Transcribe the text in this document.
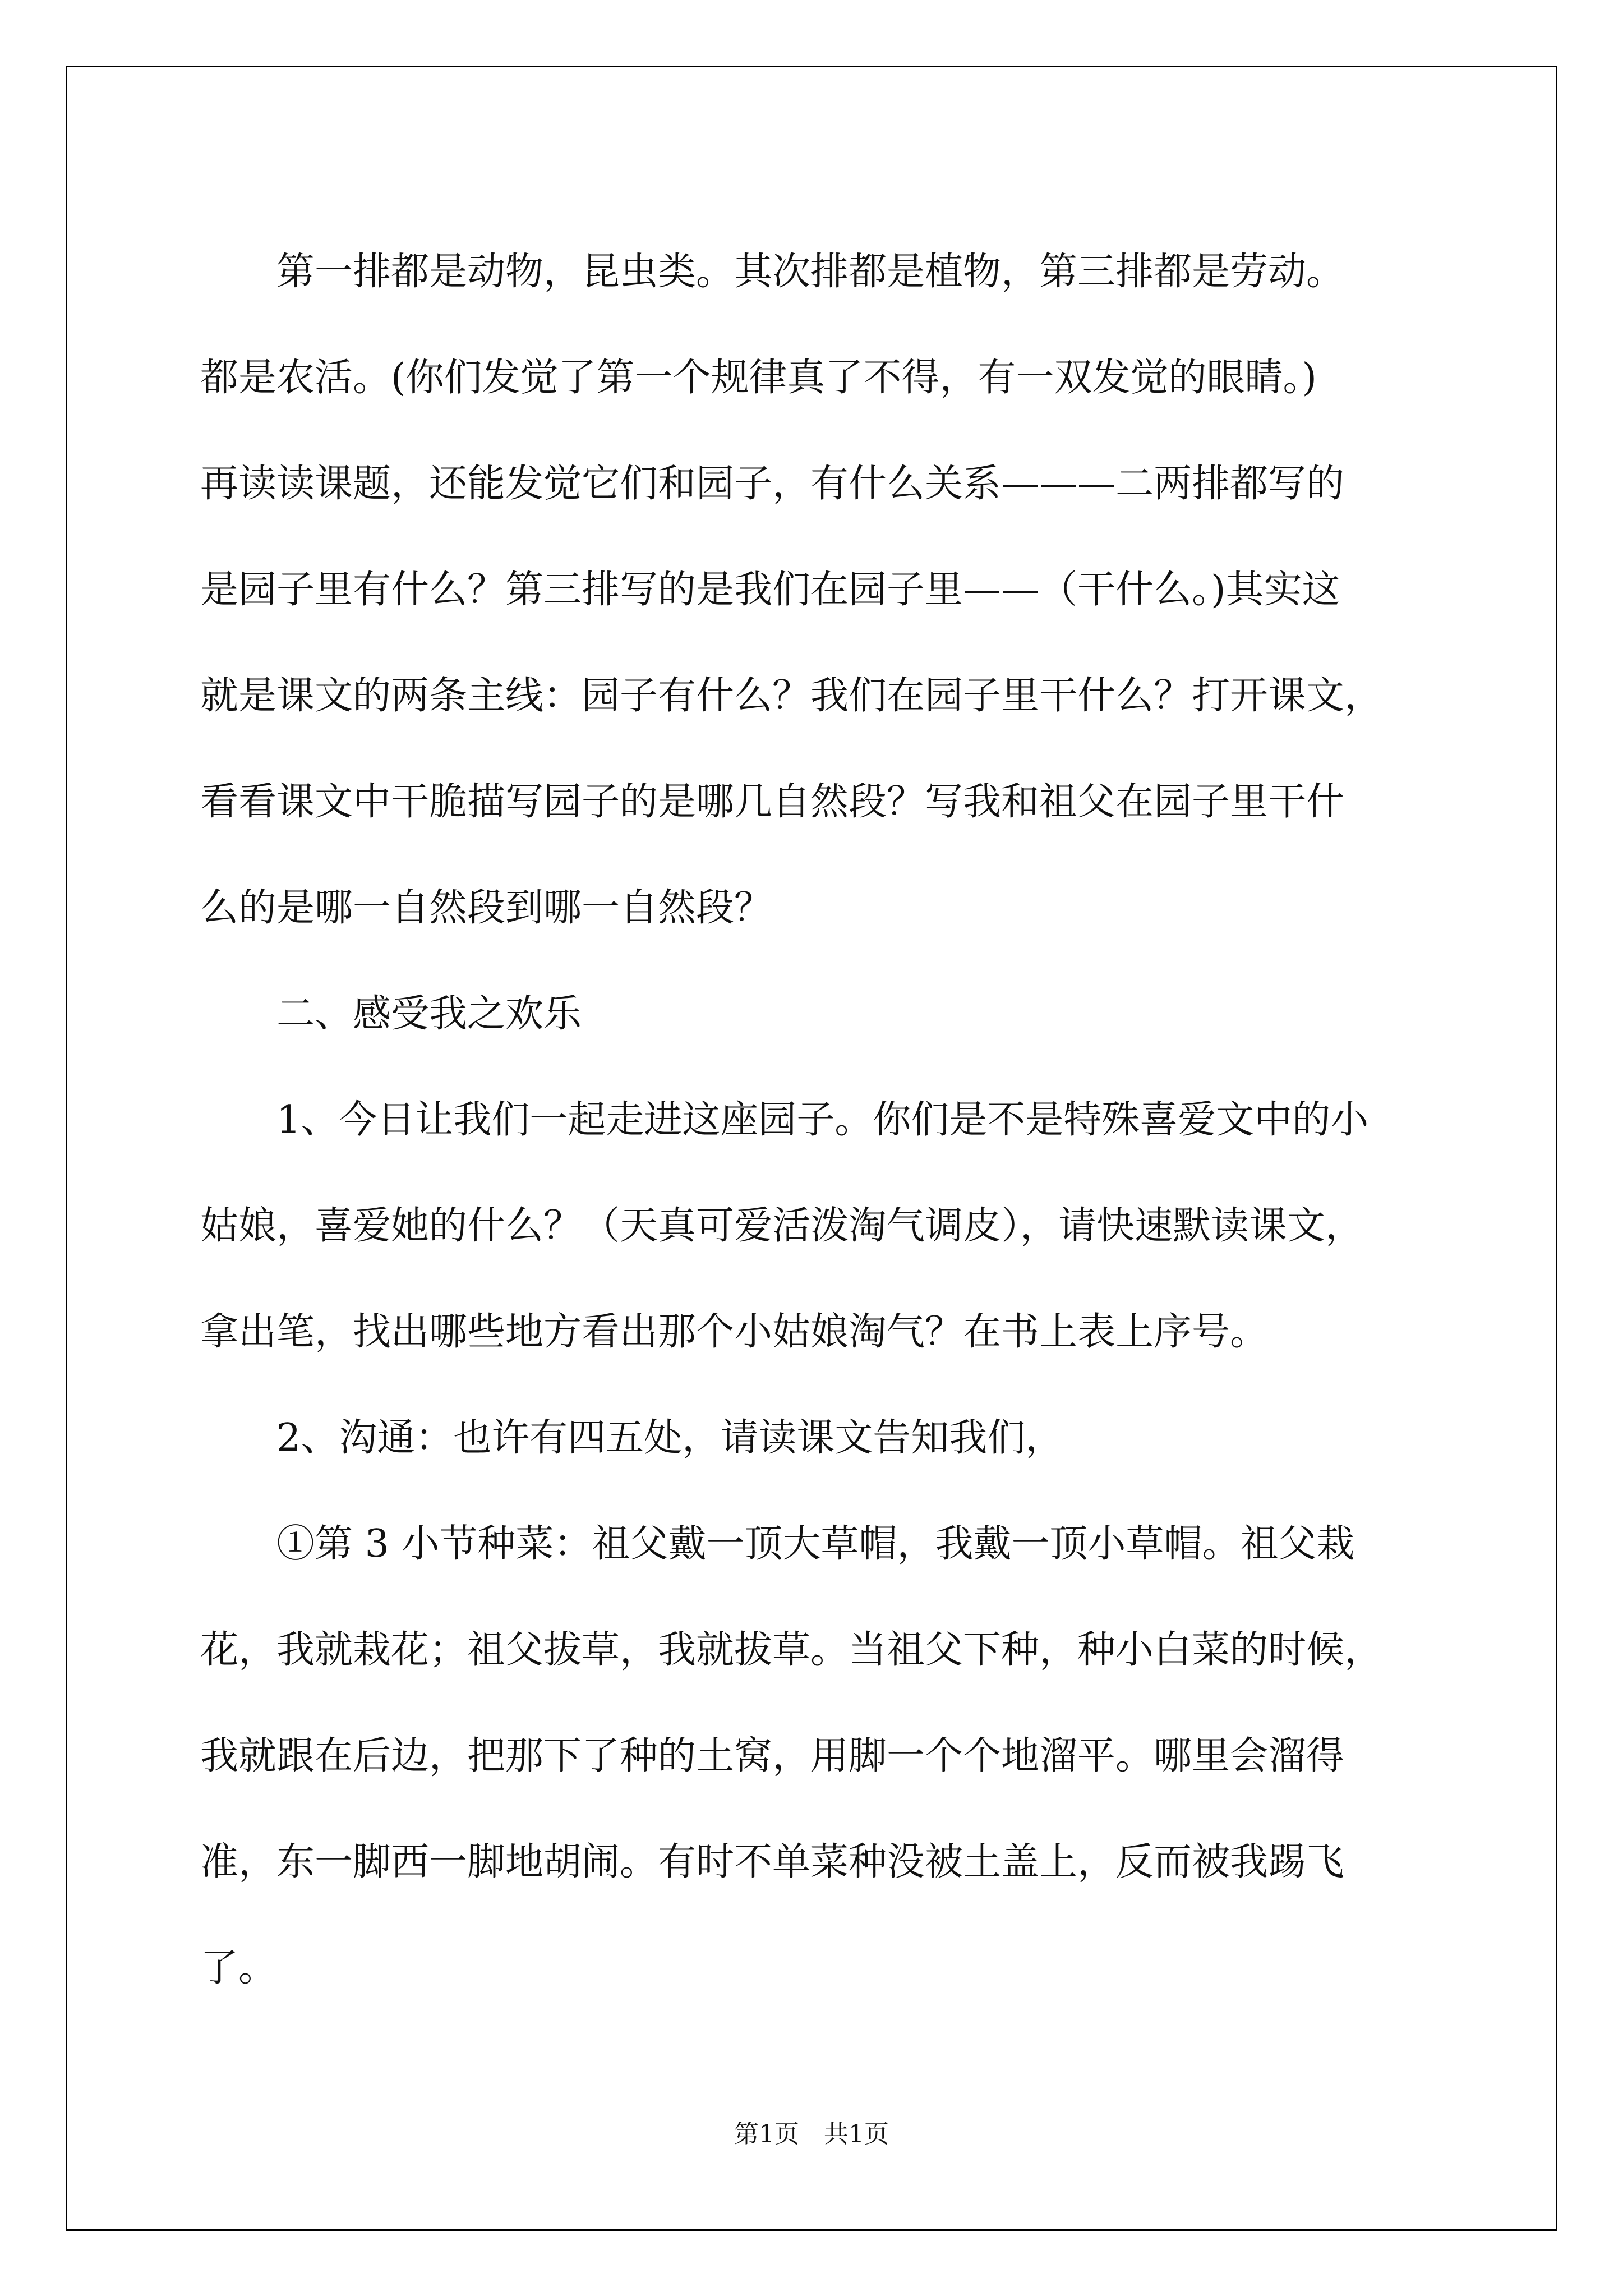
第一排都是动物，昆虫类。其次排都是植物，第三排都是劳动。
都是农活。(你们发觉了第一个规律真了不得，有一双发觉的眼睛。)
再读读课题，还能发觉它们和园子，有什么关系———二两排都写的
是园子里有什么？第三排写的是我们在园子里——（干什么。)其实这
就是课文的两条主线：园子有什么？我们在园子里干什么？打开课文，
看看课文中干脆描写园子的是哪几自然段？写我和祖父在园子里干什
么的是哪一自然段到哪一自然段？
二、感受我之欢乐
1、今日让我们一起走进这座园子。你们是不是特殊喜爱文中的小
姑娘，喜爱她的什么？（天真可爱活泼淘气调皮），请快速默读课文，
拿出笔，找出哪些地方看出那个小姑娘淘气？在书上表上序号。
2、沟通：也许有四五处，请读课文告知我们，
①第 3 小节种菜：祖父戴一顶大草帽，我戴一顶小草帽。祖父栽
花，我就栽花；祖父拔草，我就拔草。当祖父下种，种小白菜的时候，
我就跟在后边，把那下了种的土窝，用脚一个个地溜平。哪里会溜得
准，东一脚西一脚地胡闹。有时不单菜种没被土盖上，反而被我踢飞
了。
第1页 共1页
